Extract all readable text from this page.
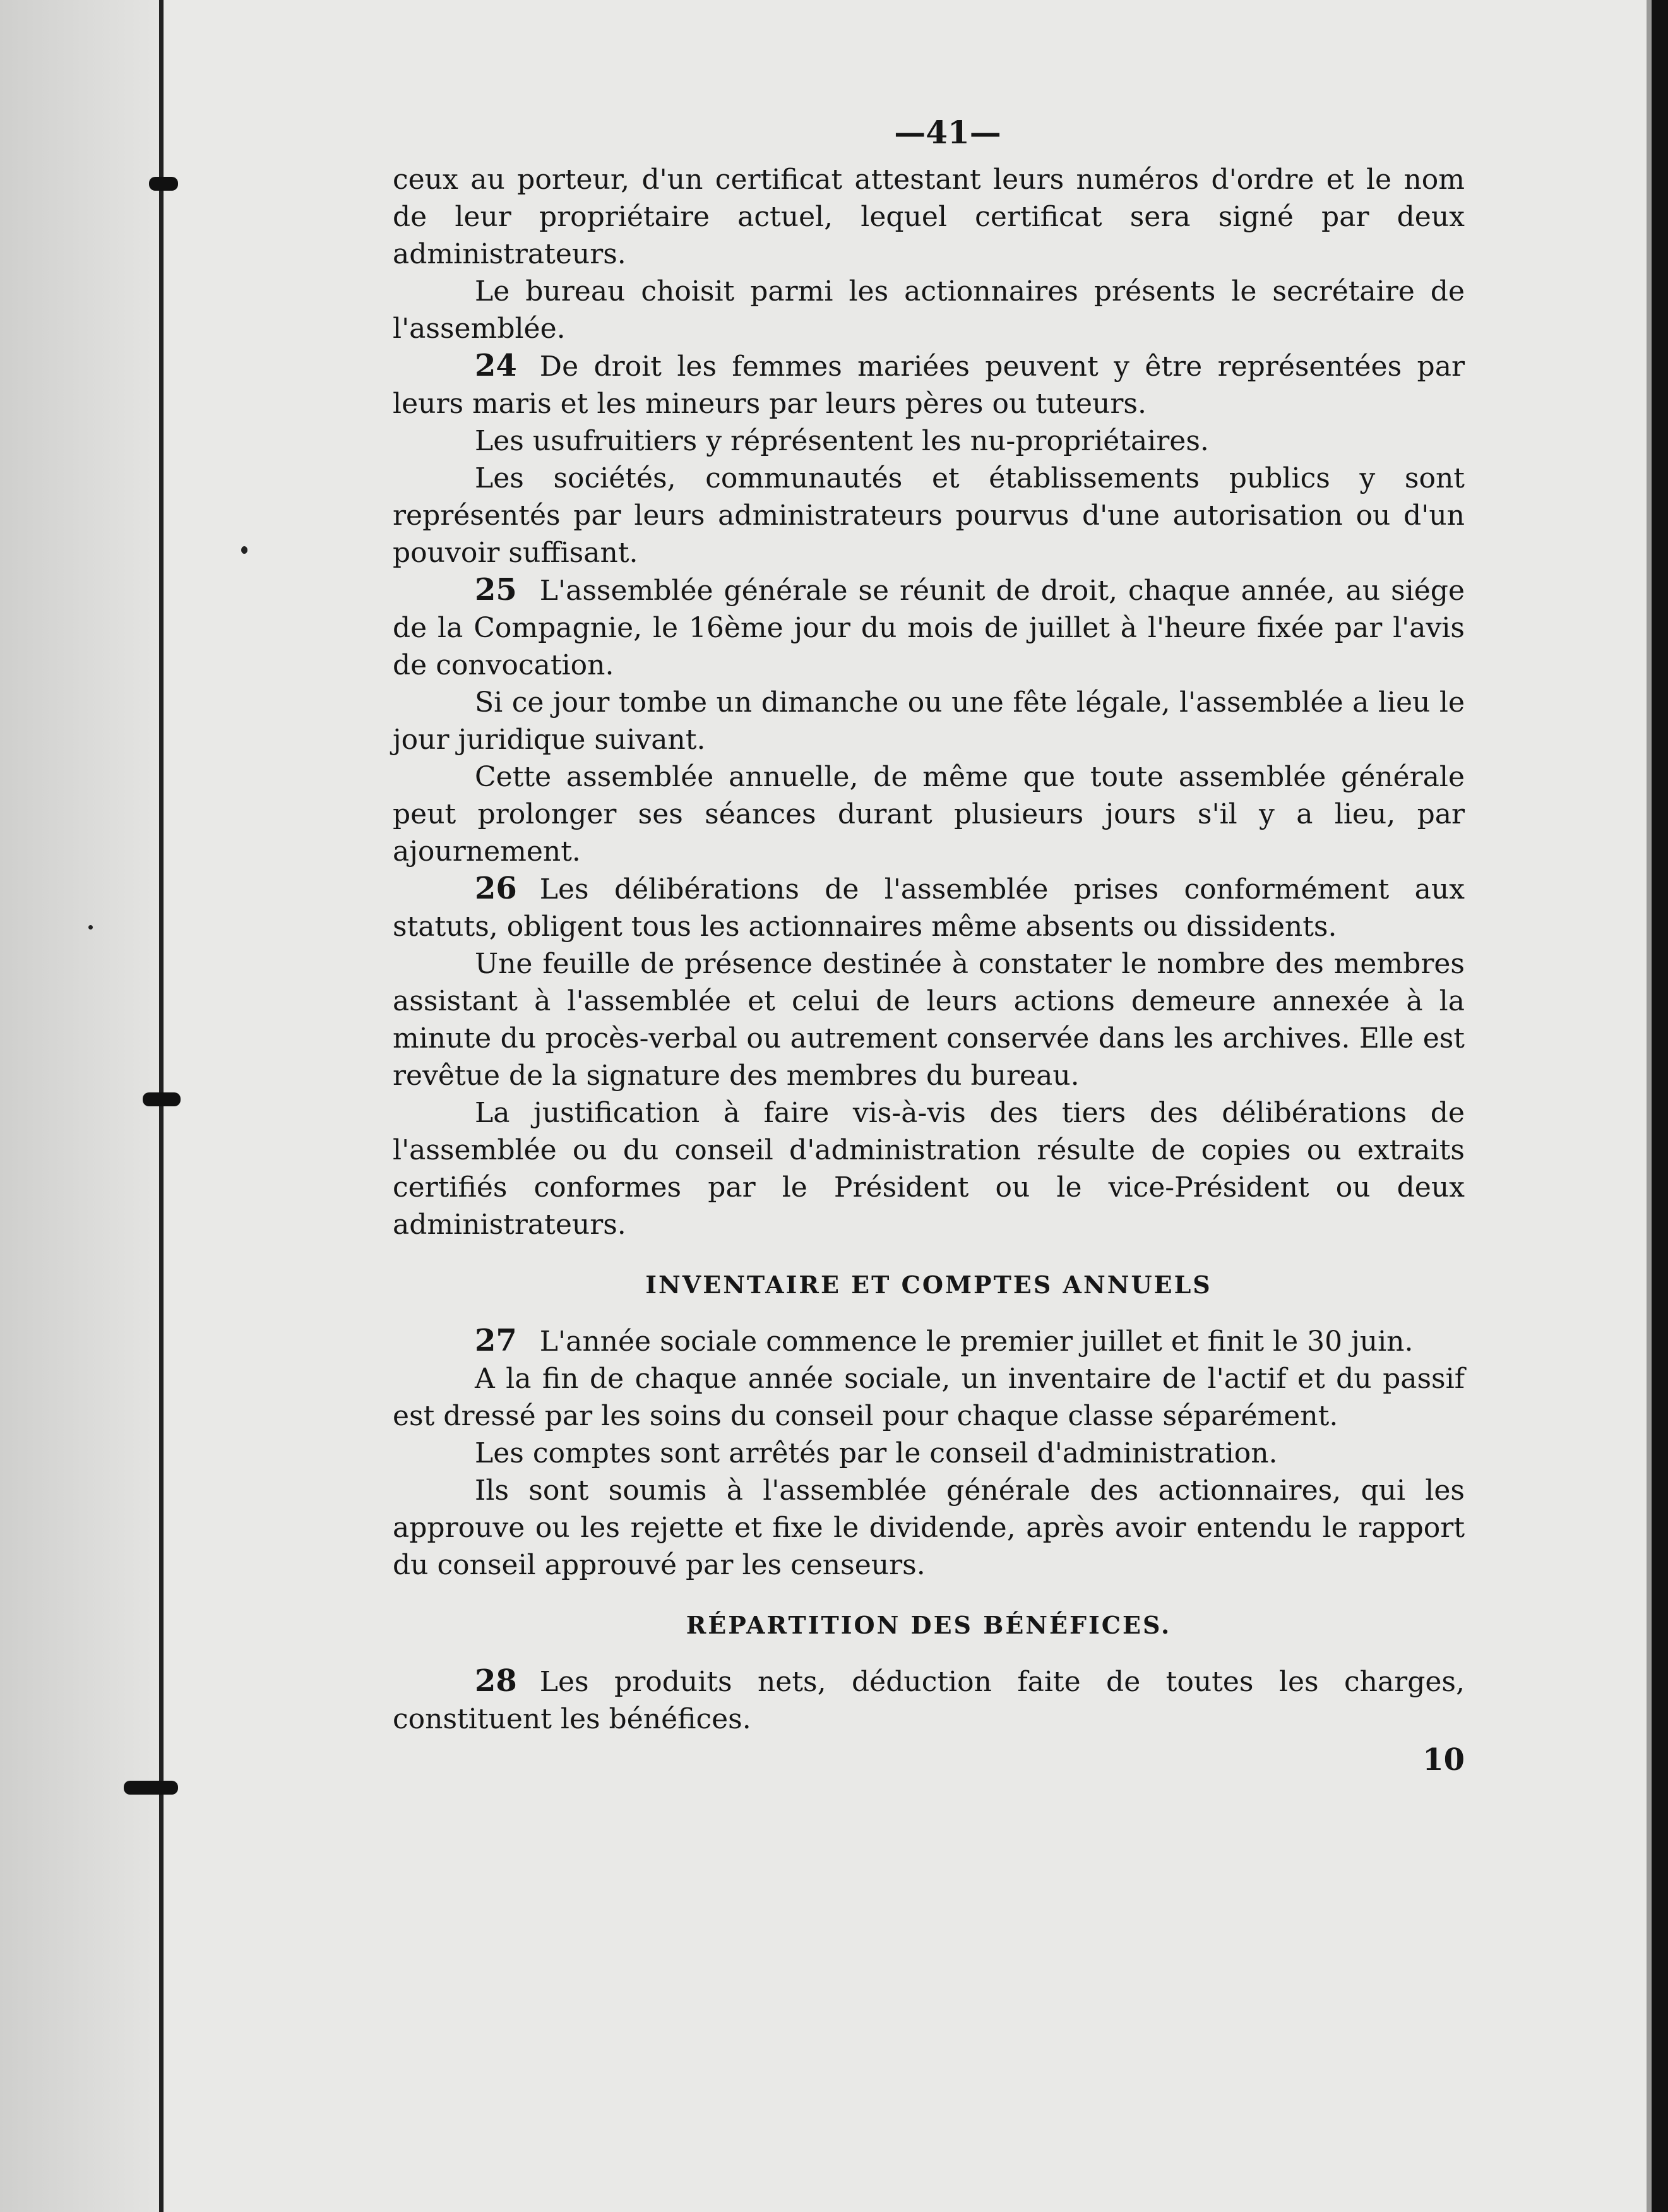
—41—

ceux au porteur, d'un certificat attestant leurs numéros d'ordre et le nom de leur propriétaire actuel, lequel certificat sera signé par deux administrateurs.

Le bureau choisit parmi les actionnaires présents le secrétaire de l'assemblée.

24 De droit les femmes mariées peuvent y être représentées par leurs maris et les mineurs par leurs pères ou tuteurs.

Les usufruitiers y réprésentent les nu-propriétaires.

Les sociétés, communautés et établissements publics y sont représentés par leurs administrateurs pourvus d'une autorisation ou d'un pouvoir suffisant.

25 L'assemblée générale se réunit de droit, chaque année, au siége de la Compagnie, le 16ème jour du mois de juillet à l'heure fixée par l'avis de convocation.

Si ce jour tombe un dimanche ou une fête légale, l'assemblée a lieu le jour juridique suivant.

Cette assemblée annuelle, de même que toute assemblée générale peut prolonger ses séances durant plusieurs jours s'il y a lieu, par ajournement.

26 Les délibérations de l'assemblée prises conformément aux statuts, obligent tous les actionnaires même absents ou dissidents.

Une feuille de présence destinée à constater le nombre des membres assistant à l'assemblée et celui de leurs actions demeure annexée à la minute du procès-verbal ou autrement conservée dans les archives. Elle est revêtue de la signature des membres du bureau.

La justification à faire vis-à-vis des tiers des délibérations de l'assemblée ou du conseil d'administration résulte de copies ou extraits certifiés conformes par le Président ou le vice-Président ou deux administrateurs.

INVENTAIRE ET COMPTES ANNUELS

27 L'année sociale commence le premier juillet et finit le 30 juin.

A la fin de chaque année sociale, un inventaire de l'actif et du passif est dressé par les soins du conseil pour chaque classe séparément.

Les comptes sont arrêtés par le conseil d'administration.

Ils sont soumis à l'assemblée générale des actionnaires, qui les approuve ou les rejette et fixe le dividende, après avoir entendu le rapport du conseil approuvé par les censeurs.

RÉPARTITION DES BÉNÉFICES.

28 Les produits nets, déduction faite de toutes les charges, constituent les bénéfices.

10
